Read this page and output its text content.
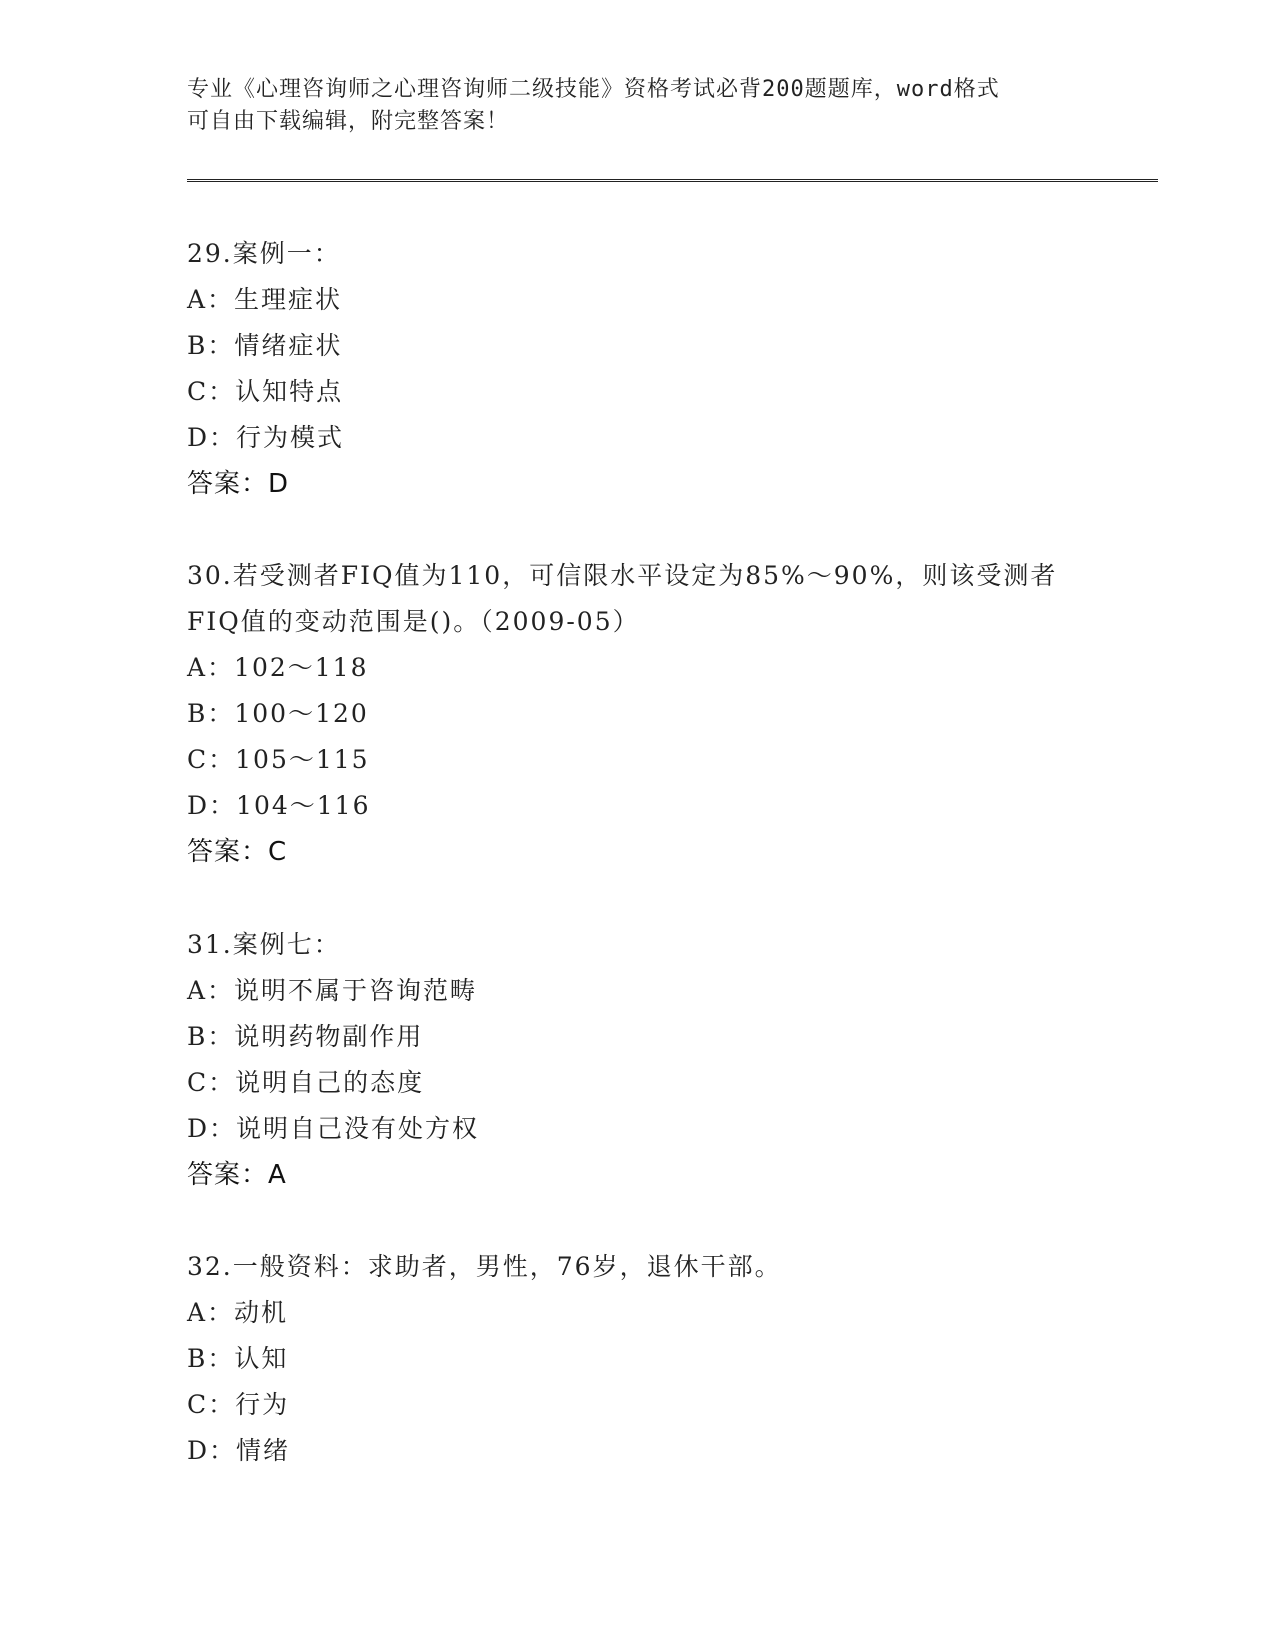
专业《心理咨询师之心理咨询师二级技能》资格考试必背200题题库，word格式
可自由下载编辑，附完整答案！
29.案例一：
A：生理症状
B：情绪症状
C：认知特点
D：行为模式
答案：D
30.若受测者FIQ值为110，可信限水平设定为85%～90%，则该受测者
FIQ值的变动范围是()。（2009-05）
A：102～118
B：100～120
C：105～115
D：104～116
答案：C
31.案例七：
A：说明不属于咨询范畴
B：说明药物副作用
C：说明自己的态度
D：说明自己没有处方权
答案：A
32.一般资料：求助者，男性，76岁，退休干部。
A：动机
B：认知
C：行为
D：情绪
